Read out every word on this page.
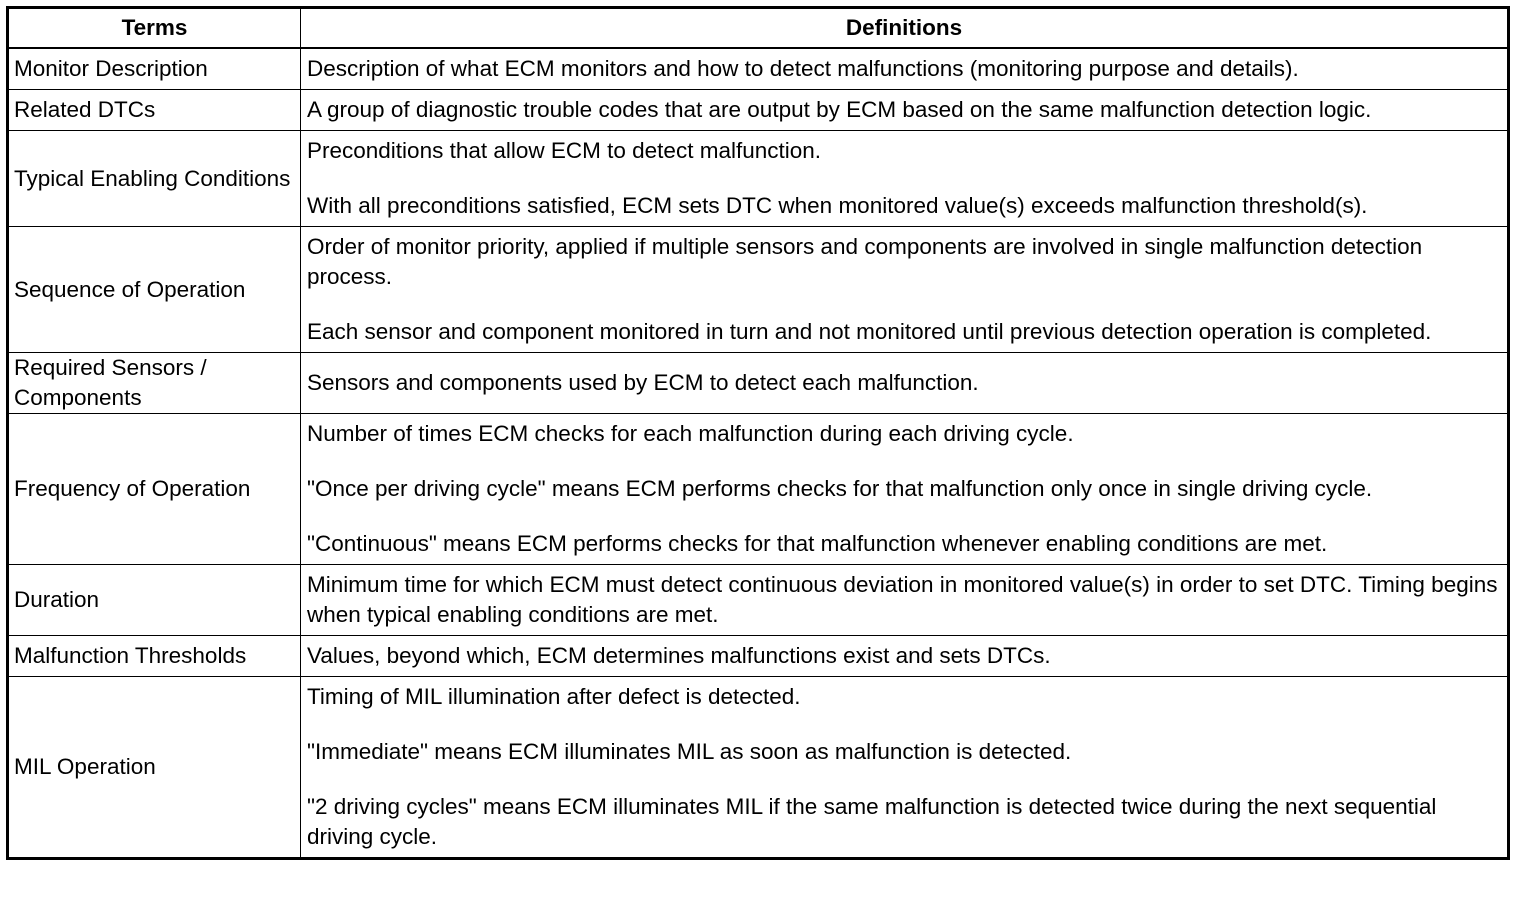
Terms	Definitions
Monitor Description	Description of what ECM monitors and how to detect malfunctions (monitoring purpose and details).

Related DTCs	A group of diagnostic trouble codes that are output by ECM based on the same malfunction detection logic.

Typical Enabling Conditions	Preconditions that allow ECM to detect malfunction.
With all preconditions satisfied, ECM sets DTC when monitored value(s) exceeds malfunction threshold(s).

Sequence of Operation	Order of monitor priority, applied if multiple sensors and components are involved in single malfunction detection process.
Each sensor and component monitored in turn and not monitored until previous detection operation is completed.

Required Sensors / Components	Sensors and components used by ECM to detect each malfunction.

Frequency of Operation	Number of times ECM checks for each malfunction during each driving cycle.
"Once per driving cycle" means ECM performs checks for that malfunction only once in single driving cycle.
"Continuous" means ECM performs checks for that malfunction whenever enabling conditions are met.

Duration	Minimum time for which ECM must detect continuous deviation in monitored value(s) in order to set DTC. Timing begins when typical enabling conditions are met.

Malfunction Thresholds	Values, beyond which, ECM determines malfunctions exist and sets DTCs.

MIL Operation	Timing of MIL illumination after defect is detected.
"Immediate" means ECM illuminates MIL as soon as malfunction is detected.
"2 driving cycles" means ECM illuminates MIL if the same malfunction is detected twice during the next sequential driving cycle.
